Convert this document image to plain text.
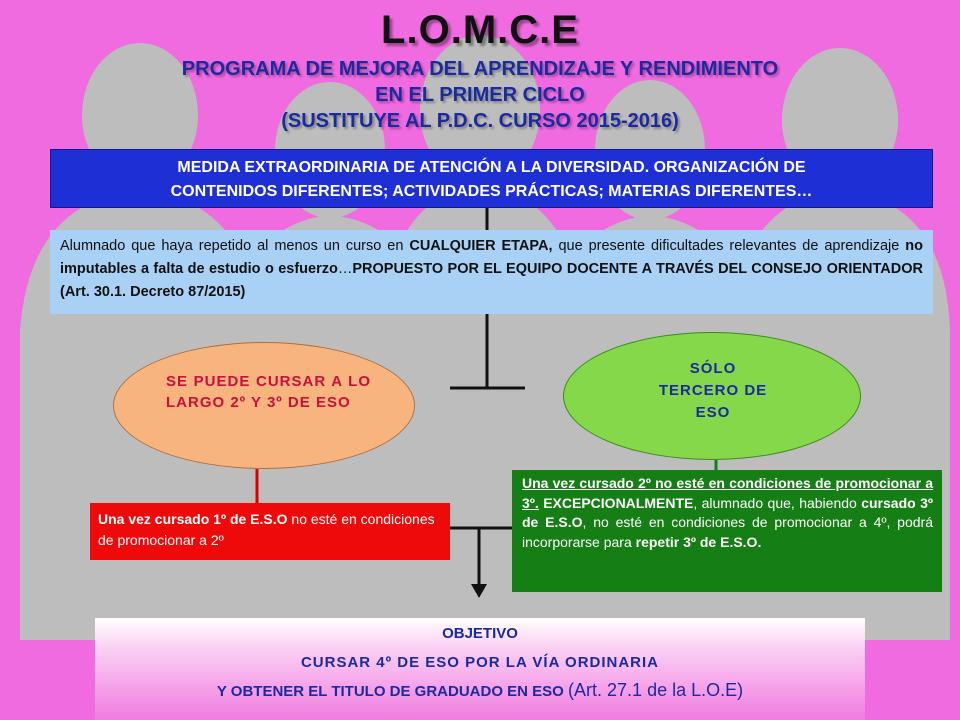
L.O.M.C.E
PROGRAMA DE MEJORA DEL APRENDIZAJE Y RENDIMIENTO
EN EL PRIMER CICLO
(SUSTITUYE AL P.D.C. CURSO 2015-2016)
MEDIDA EXTRAORDINARIA DE ATENCIÓN A LA DIVERSIDAD. ORGANIZACIÓN DE
CONTENIDOS DIFERENTES; ACTIVIDADES PRÁCTICAS; MATERIAS DIFERENTES…
Alumnado que haya repetido al menos un curso en CUALQUIER ETAPA, que presente dificultades relevantes de aprendizaje no imputables a falta de estudio o esfuerzo…PROPUESTO POR EL EQUIPO DOCENTE A TRAVÉS DEL CONSEJO ORIENTADOR (Art. 30.1. Decreto 87/2015)
SE PUEDE CURSAR A LO LARGO 2º Y 3º DE ESO
SÓLO
TERCERO DE
ESO
Una vez cursado 1º de E.S.O no esté en condiciones de promocionar a 2º
Una vez cursado 2º no esté en condiciones de promocionar a 3º. EXCEPCIONALMENTE, alumnado que, habiendo cursado 3º de E.S.O, no esté en condiciones de promocionar a 4º, podrá incorporarse para repetir 3º de E.S.O.
OBJETIVO
CURSAR 4º DE ESO POR LA VÍA ORDINARIA
Y OBTENER EL TITULO DE GRADUADO EN ESO (Art. 27.1 de la L.O.E)
